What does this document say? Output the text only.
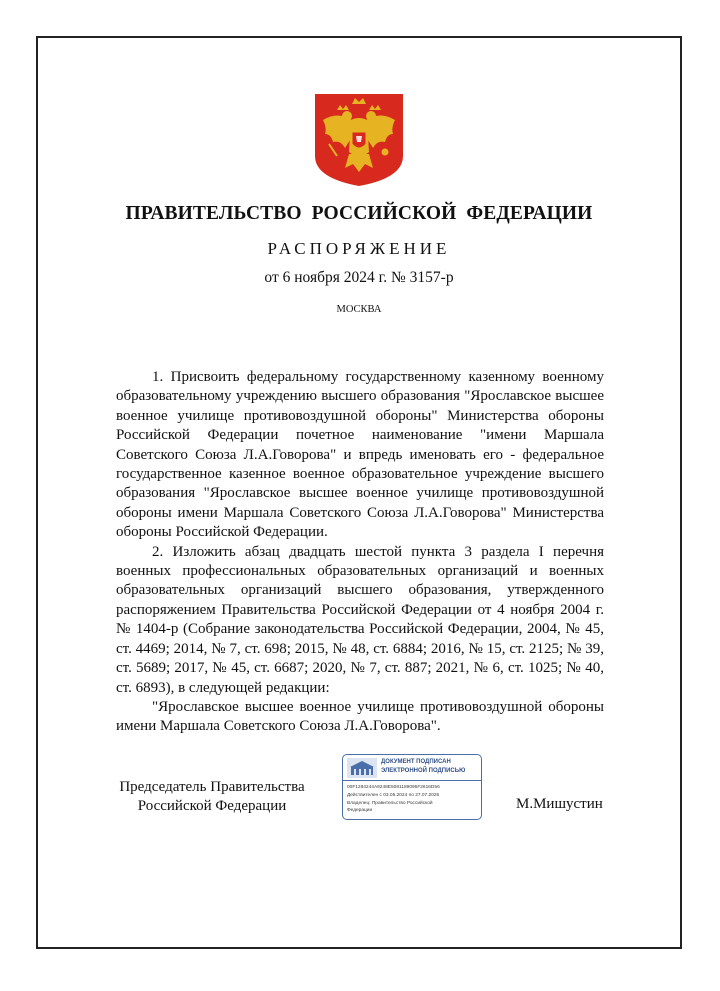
ПРАВИТЕЛЬСТВО РОССИЙСКОЙ ФЕДЕРАЦИИ
РАСПОРЯЖЕНИЕ
от 6 ноября 2024 г. № 3157-р
МОСКВА

1. Присвоить федеральному государственному казенному военному образовательному учреждению высшего образования "Ярославское высшее военное училище противовоздушной обороны" Министерства обороны Российской Федерации почетное наименование "имени Маршала Советского Союза Л.А.Говорова" и впредь именовать его - федеральное государственное казенное военное образовательное учреждение высшего образования "Ярославское высшее военное училище противовоздушной обороны имени Маршала Советского Союза Л.А.Говорова" Министерства обороны Российской Федерации.

2. Изложить абзац двадцать шестой пункта 3 раздела I перечня военных профессиональных образовательных организаций и военных образовательных организаций высшего образования, утвержденного распоряжением Правительства Российской Федерации от 4 ноября 2004 г. № 1404-р (Собрание законодательства Российской Федерации, 2004, № 45, ст. 4469; 2014, № 7, ст. 698; 2015, № 48, ст. 6884; 2016, № 15, ст. 2125; № 39, ст. 5689; 2017, № 45, ст. 6687; 2020, № 7, ст. 887; 2021, № 6, ст. 1025; № 40, ст. 6893), в следующей редакции:

"Ярославское высшее военное училище противовоздушной обороны имени Маршала Советского Союза Л.А.Говорова".

Председатель Правительства
Российской Федерации
ДОКУМЕНТ ПОДПИСАН
ЭЛЕКТРОННОЙ ПОДПИСЬЮ
00F1284244A9248E5081189095F2616D56
Действителен с 03.05.2024 по 27.07.2025
Владелец: Правительство Российской
Федерации	М.Мишустин
